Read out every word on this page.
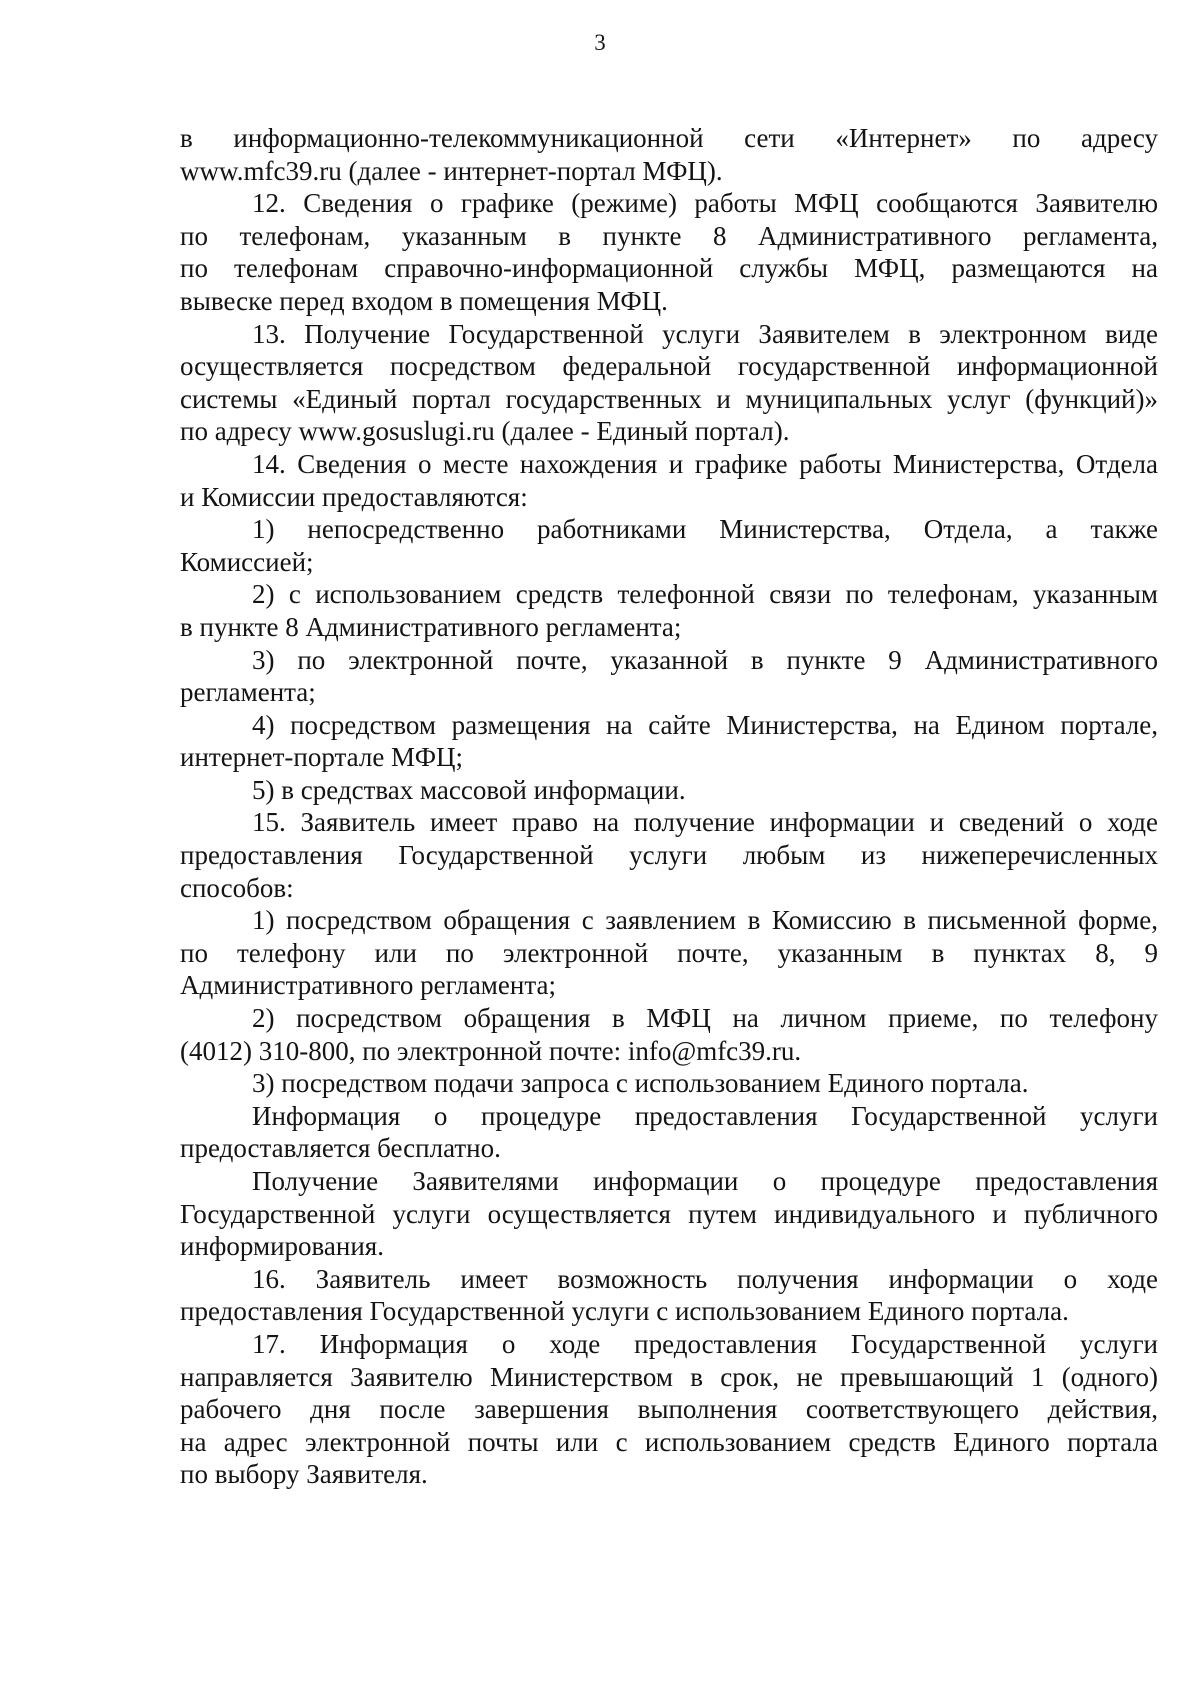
3
в информационно-телекоммуникационной сети «Интернет» по адресу
www.mfc39.ru (далее - интернет-портал МФЦ).
12. Сведения о графике (режиме) работы МФЦ сообщаются Заявителю
по телефонам, указанным в пункте 8 Административного регламента,
по телефонам справочно-информационной службы МФЦ, размещаются на
вывеске перед входом в помещения МФЦ.
13. Получение Государственной услуги Заявителем в электронном виде
осуществляется посредством федеральной государственной информационной
системы «Единый портал государственных и муниципальных услуг (функций)»
по адресу www.gosuslugi.ru (далее - Единый портал).
14. Сведения о месте нахождения и графике работы Министерства, Отдела
и Комиссии предоставляются:
1) непосредственно работниками Министерства, Отдела, а также
Комиссией;
2) с использованием средств телефонной связи по телефонам, указанным
в пункте 8 Административного регламента;
3) по электронной почте, указанной в пункте 9 Административного
регламента;
4) посредством размещения на сайте Министерства, на Едином портале,
интернет-портале МФЦ;
5) в средствах массовой информации.
15. Заявитель имеет право на получение информации и сведений о ходе
предоставления Государственной услуги любым из нижеперечисленных
способов:
1) посредством обращения с заявлением в Комиссию в письменной форме,
по телефону или по электронной почте, указанным в пунктах 8, 9
Административного регламента;
2) посредством обращения в МФЦ на личном приеме, по телефону
(4012) 310-800, по электронной почте: info@mfc39.ru.
3) посредством подачи запроса с использованием Единого портала.
Информация о процедуре предоставления Государственной услуги
предоставляется бесплатно.
Получение Заявителями информации о процедуре предоставления
Государственной услуги осуществляется путем индивидуального и публичного
информирования.
16. Заявитель имеет возможность получения информации о ходе
предоставления Государственной услуги с использованием Единого портала.
17. Информация о ходе предоставления Государственной услуги
направляется Заявителю Министерством в срок, не превышающий 1 (одного)
рабочего дня после завершения выполнения соответствующего действия,
на адрес электронной почты или с использованием средств Единого портала
по выбору Заявителя.
